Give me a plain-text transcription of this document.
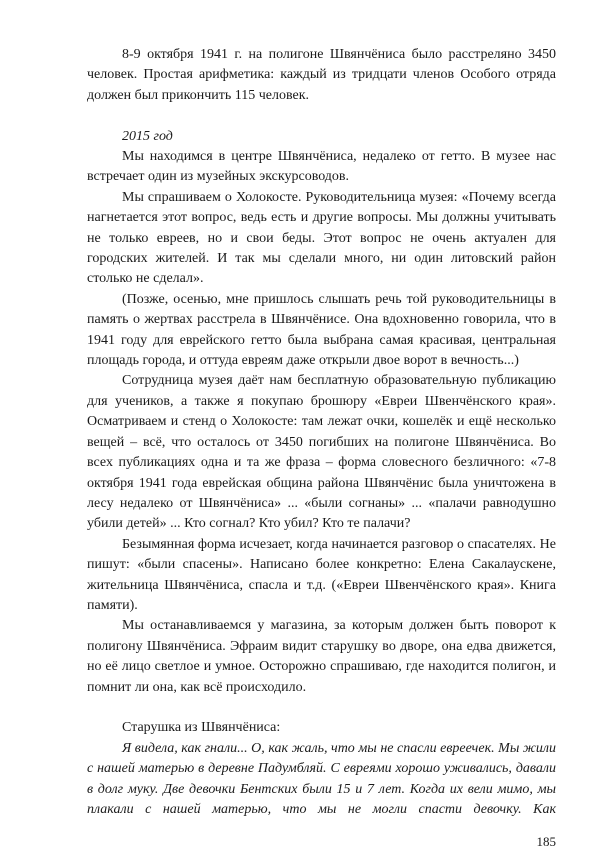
8-9 октября 1941 г. на полигоне Швянчёниса было расстреляно 3450 человек. Простая арифметика: каждый из тридцати членов Особого отряда должен был прикончить 115 человек.

2015 год

Мы находимся в центре Швянчёниса, недалеко от гетто. В музее нас встречает один из музейных экскурсоводов.

Мы спрашиваем о Холокосте. Руководительница музея: «Почему всегда нагнетается этот вопрос, ведь есть и другие вопросы. Мы должны учитывать не только евреев, но и свои беды. Этот вопрос не очень актуален для городских жителей. И так мы сделали много, ни один литовский район столько не сделал».

(Позже, осенью, мне пришлось слышать речь той руководительницы в память о жертвах расстрела в Швянчёнисе. Она вдохновенно говорила, что в 1941 году для еврейского гетто была выбрана самая красивая, центральная площадь города, и оттуда евреям даже открыли двое ворот в вечность...)

Сотрудница музея даёт нам бесплатную образовательную публикацию для учеников, а также я покупаю брошюру «Евреи Швенчёнского края». Осматриваем и стенд о Холокосте: там лежат очки, кошелёк и ещё несколько вещей – всё, что осталось от 3450 погибших на полигоне Швянчёниса. Во всех публикациях одна и та же фраза – форма словесного безличного: «7-8 октября 1941 года еврейская община района Швянчёнис была уничтожена в лесу недалеко от Швянчёниса» ... «были согнаны» ... «палачи равнодушно убили детей» ... Кто согнал? Кто убил? Кто те палачи?

Безымянная форма исчезает, когда начинается разговор о спасателях. Не пишут: «были спасены». Написано более конкретно: Елена Сакалаускене, жительница Швянчёниса, спасла и т.д. («Евреи Швенчёнского края». Книга памяти).

Мы останавливаемся у магазина, за которым должен быть поворот к полигону Швянчёниса. Эфраим видит старушку во дворе, она едва движется, но её лицо светлое и умное. Осторожно спрашиваю, где находится полигон, и помнит ли она, как всё происходило.

Старушка из Швянчёниса:

Я видела, как гнали... О, как жаль, что мы не спасли евреечек. Мы жили с нашей матерью в деревне Падумбляй. С евреями хорошо уживались, давали в долг муку. Две девочки Бентских были 15 и 7 лет. Когда их вели мимо, мы плакали с нашей матерью, что мы не могли спасти девочку. Как

185
